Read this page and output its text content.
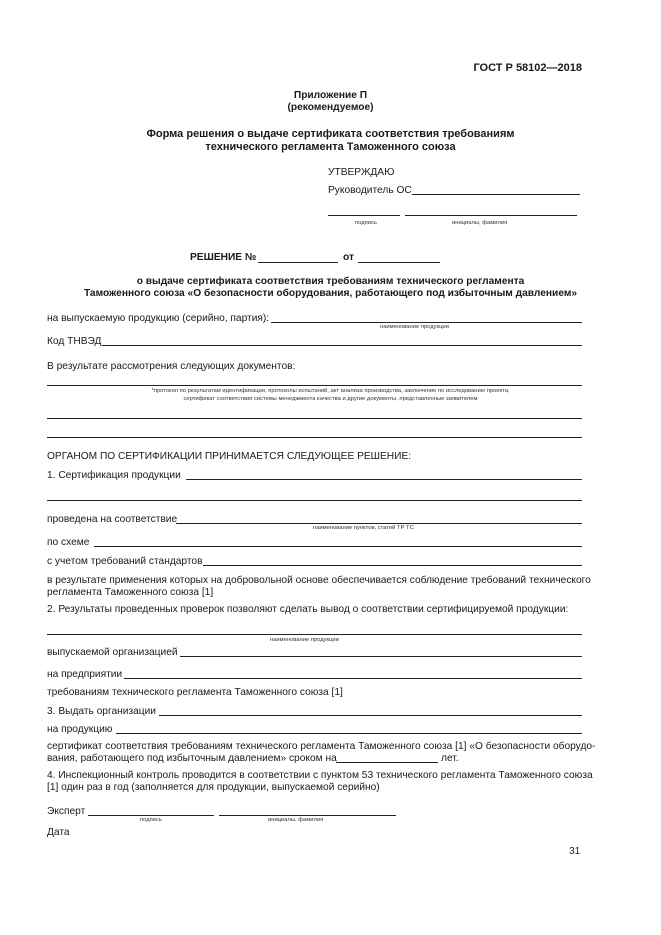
ГОСТ Р 58102—2018
Приложение П
(рекомендуемое)
Форма решения о выдаче сертификата соответствия требованиям
технического регламента Таможенного союза
УТВЕРЖДАЮ
Руководитель ОС
подпись	инициалы, фамилия
РЕШЕНИЕ №	от
о выдаче сертификата соответствия требованиям технического регламента
Таможенного союза «О безопасности оборудования, работающего под избыточным давлением»
на выпускаемую продукцию (серийно, партия):
наименование продукции
Код ТНВЭД
В результате рассмотрения следующих документов:
*протокол по результатам идентификации, протоколы испытаний, акт анализа производства, заключение по исследованию проекта,
сертификат соответствия системы менеджмента качества и другие документы, представленные заявителем
ОРГАНОМ ПО СЕРТИФИКАЦИИ ПРИНИМАЕТСЯ СЛЕДУЮЩЕЕ РЕШЕНИЕ:
1. Сертификация продукции
проведена на соответствие
наименование пунктов, статей ТР ТС
по схеме
с учетом требований стандартов
в результате применения которых на добровольной основе обеспечивается соблюдение требований технического
регламента Таможенного союза [1]
2. Результаты проведенных проверок позволяют сделать вывод о соответствии сертифицируемой продукции:
наименование продукции
выпускаемой организацией
на предприятии
требованиям технического регламента Таможенного союза [1]
3. Выдать организации
на продукцию
сертификат соответствия требованиям технического регламента Таможенного союза [1] «О безопасности оборудо-
вания, работающего под избыточным давлением» сроком на	лет.
4. Инспекционный контроль проводится в соответствии с пунктом 53 технического регламента Таможенного союза
[1] один раз в год (заполняется для продукции, выпускаемой серийно)
Эксперт
подпись	инициалы, фамилия
Дата
31
